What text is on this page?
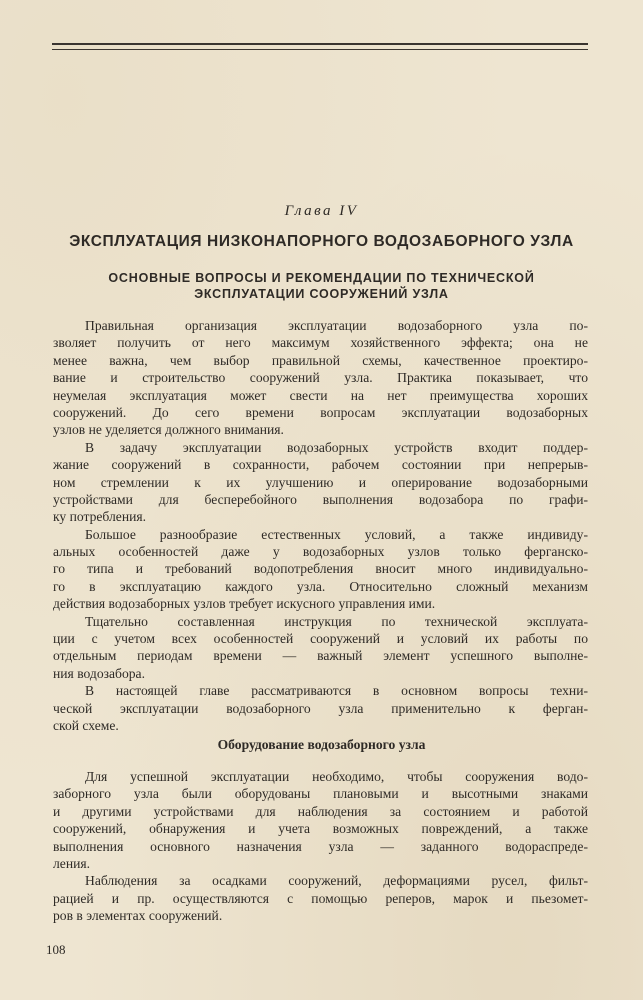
Глава IV
ЭКСПЛУАТАЦИЯ НИЗКОНАПОРНОГО ВОДОЗАБОРНОГО УЗЛА
ОСНОВНЫЕ ВОПРОСЫ И РЕКОМЕНДАЦИИ ПО ТЕХНИЧЕСКОЙ
ЭКСПЛУАТАЦИИ СООРУЖЕНИЙ УЗЛА
Правильная организация эксплуатации водозаборного узла по-
зволяет получить от него максимум хозяйственного эффекта; она не
менее важна, чем выбор правильной схемы, качественное проектиро-
вание и строительство сооружений узла. Практика показывает, что
неумелая эксплуатация может свести на нет преимущества хороших
сооружений. До сего времени вопросам эксплуатации водозаборных
узлов не уделяется должного внимания.
В задачу эксплуатации водозаборных устройств входит поддер-
жание сооружений в сохранности, рабочем состоянии при непрерыв-
ном стремлении к их улучшению и оперирование водозаборными
устройствами для бесперебойного выполнения водозабора по графи-
ку потребления.
Большое разнообразие естественных условий, а также индивиду-
альных особенностей даже у водозаборных узлов только ферганско-
го типа и требований водопотребления вносит много индивидуально-
го в эксплуатацию каждого узла. Относительно сложный механизм
действия водозаборных узлов требует искусного управления ими.
Тщательно составленная инструкция по технической эксплуата-
ции с учетом всех особенностей сооружений и условий их работы по
отдельным периодам времени — важный элемент успешного выполне-
ния водозабора.
В настоящей главе рассматриваются в основном вопросы техни-
ческой эксплуатации водозаборного узла применительно к ферган-
ской схеме.
Оборудование водозаборного узла
Для успешной эксплуатации необходимо, чтобы сооружения водо-
заборного узла были оборудованы плановыми и высотными знаками
и другими устройствами для наблюдения за состоянием и работой
сооружений, обнаружения и учета возможных повреждений, а также
выполнения основного назначения узла — заданного водораспреде-
ления.
Наблюдения за осадками сооружений, деформациями русел, фильт-
рацией и пр. осуществляются с помощью реперов, марок и пьезомет-
ров в элементах сооружений.
108
